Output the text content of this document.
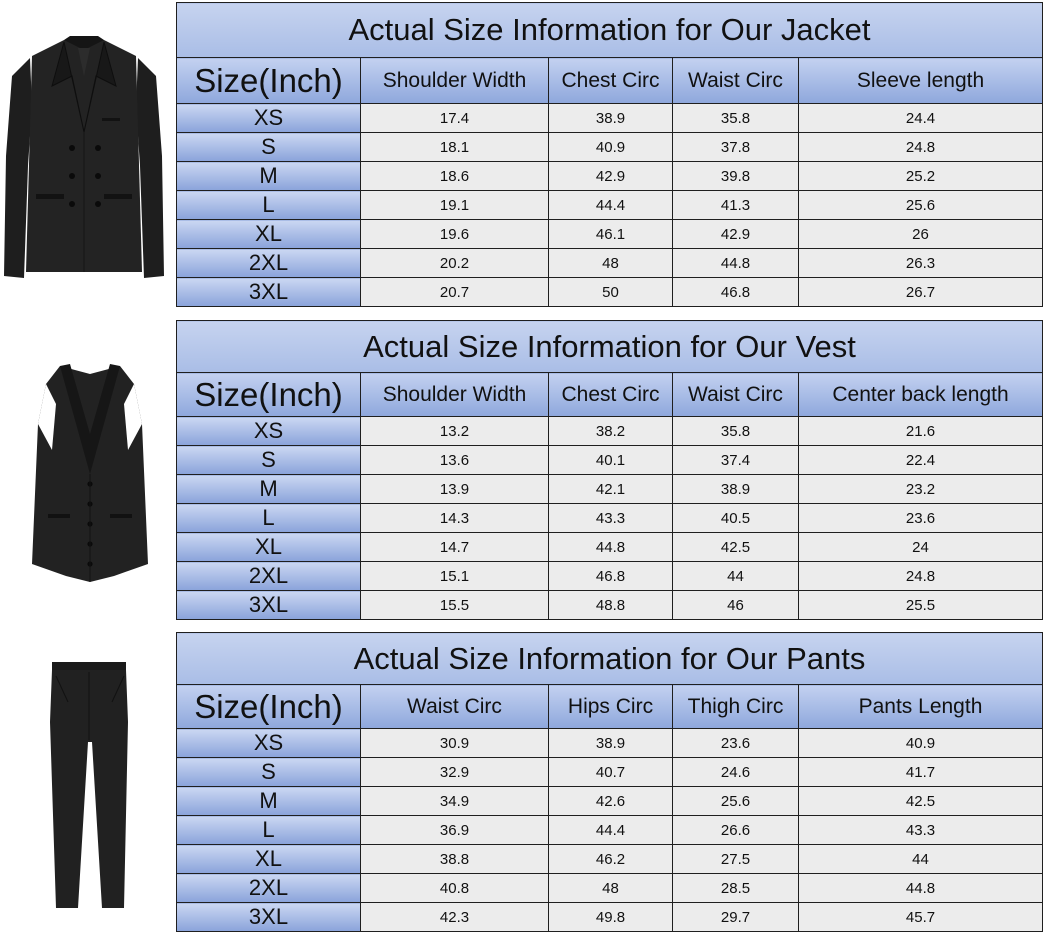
Actual Size Information for Our Jacket				
Size(Inch)	Shoulder Width	Chest Circ	Waist Circ	Sleeve length
XS	17.4	38.9	35.8	24.4
S	18.1	40.9	37.8	24.8
M	18.6	42.9	39.8	25.2
L	19.1	44.4	41.3	25.6
XL	19.6	46.1	42.9	26
2XL	20.2	48	44.8	26.3
3XL	20.7	50	46.8	26.7
Actual Size Information for Our Vest				
Size(Inch)	Shoulder Width	Chest Circ	Waist Circ	Center back length
XS	13.2	38.2	35.8	21.6
S	13.6	40.1	37.4	22.4
M	13.9	42.1	38.9	23.2
L	14.3	43.3	40.5	23.6
XL	14.7	44.8	42.5	24
2XL	15.1	46.8	44	24.8
3XL	15.5	48.8	46	25.5
Actual Size Information for Our Pants				
Size(Inch)	Waist Circ	Hips Circ	Thigh Circ	Pants Length
XS	30.9	38.9	23.6	40.9
S	32.9	40.7	24.6	41.7
M	34.9	42.6	25.6	42.5
L	36.9	44.4	26.6	43.3
XL	38.8	46.2	27.5	44
2XL	40.8	48	28.5	44.8
3XL	42.3	49.8	29.7	45.7
